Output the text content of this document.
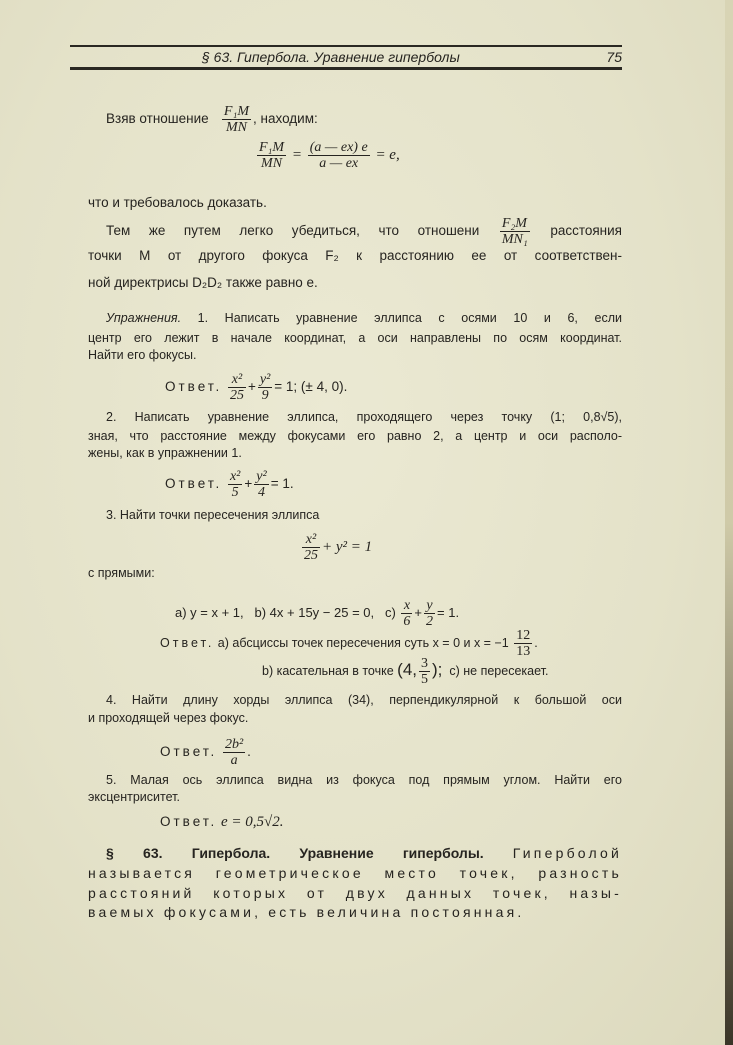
§ 63. Гипербола. Уравнение гиперболы	75
Взяв отношение $\frac{\text{F₁M}}{MN}$ , находим:
$\frac{\text{F₁M}}{MN} = \frac{(a — ex) e}{a — ex} = e$,
что и требовалось доказать.
Тем же путем легко убедиться, что отношени $\frac{\text{F₂M}}{\text{MN₁}}$ расстояния
точки M от другого фокуса F₂ к расстоянию ее от соответствен-
ной директрисы D₂D₂ также равно e.
Упражнения. 1. Написать уравнение эллипса с осями 10 и 6, если
центр его лежит в начале координат, а оси направлены по осям координат.
Найти его фокусы.
Ответ. $\frac{\text{x²}}{25} + \frac{\text{y²}}{9} = 1$; (± 4, 0).
2. Написать уравнение эллипса, проходящего через точку (1; 0,8√5),
зная, что расстояние между фокусами его равно 2, а центр и оси располо-
жены, как в упражнении 1.
Ответ. $\frac{\text{x²}}{5} + \frac{\text{y²}}{4} = 1$.
3. Найти точки пересечения эллипса
$\frac{\text{x²}}{25} + y^2 = 1$
с прямыми:
a) y = x + 1, b) 4x + 15y − 25 = 0, $c) \frac{x}{6} + \frac{y}{2} = 1$.
Ответ. a) абсциссы точек пересечения суть x = 0 и $x = -1 \frac{12}{13}$ .
b) касательная в точке (4, $\frac{3}{5}$ ); c) не пересекает.
4. Найти длину хорды эллипса (34), перпендикулярной к большой оси
и проходящей через фокус.
Ответ. $\frac{\text{2b²}}{a}$ .
5. Малая ось эллипса видна из фокуса под прямым углом. Найти его
эксцентриситет.
Ответ. e = 0,5√2.
§ 63. Гипербола. Уравнение гиперболы. Гиперболой
называется геометрическое место точек, разность
расстояний которых от двух данных точек, назы-
ваемых фокусами, есть величина постоянная.
